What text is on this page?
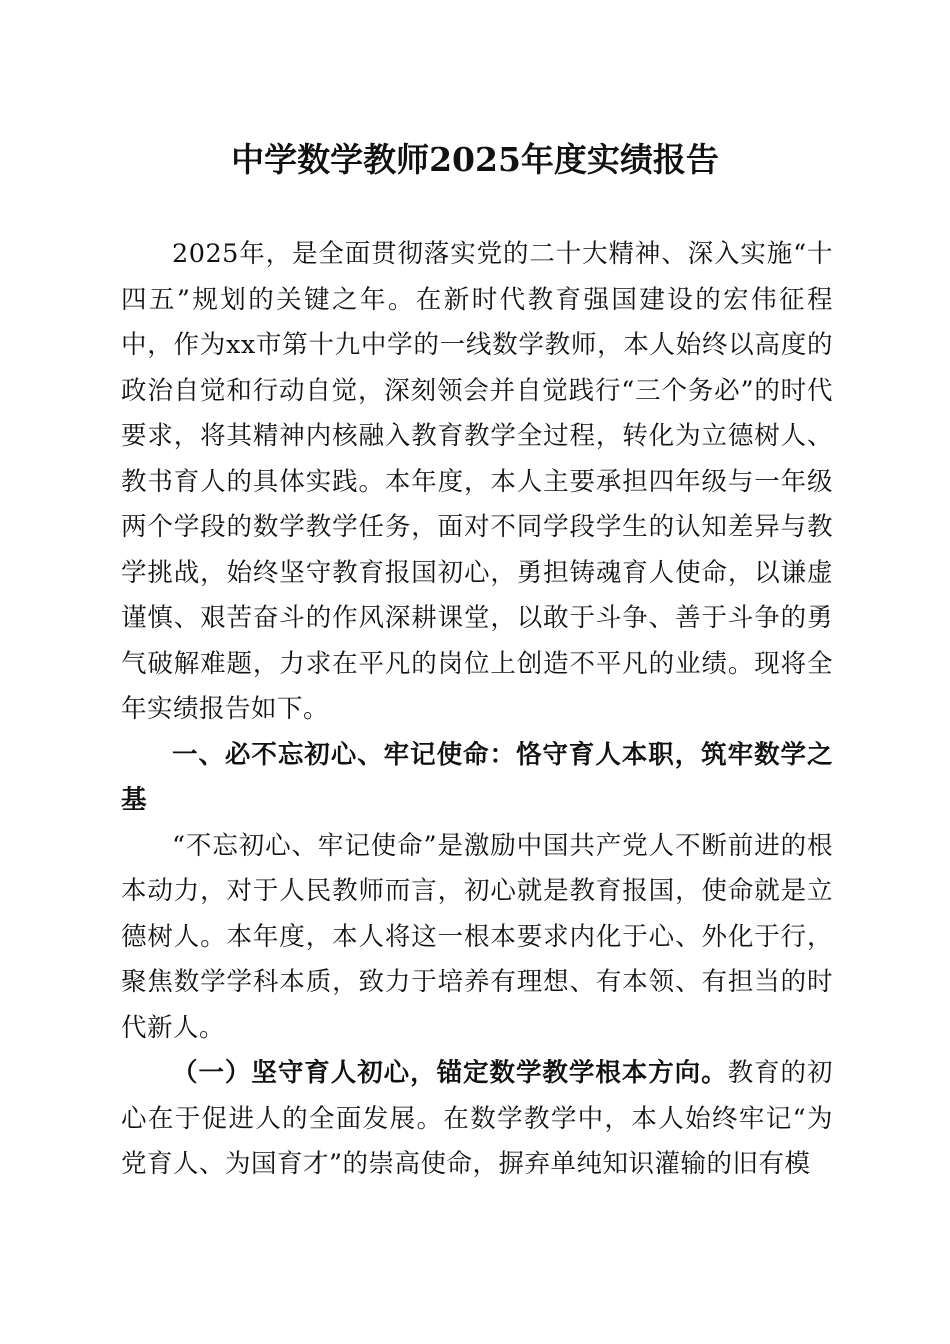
中学数学教师2025年度实绩报告

2025年，是全面贯彻落实党的二十大精神、深入实施“十四五”规划的关键之年。在新时代教育强国建设的宏伟征程中，作为xx市第十九中学的一线数学教师，本人始终以高度的政治自觉和行动自觉，深刻领会并自觉践行“三个务必”的时代要求，将其精神内核融入教育教学全过程，转化为立德树人、教书育人的具体实践。本年度，本人主要承担四年级与一年级两个学段的数学教学任务，面对不同学段学生的认知差异与教学挑战，始终坚守教育报国初心，勇担铸魂育人使命，以谦虚谨慎、艰苦奋斗的作风深耕课堂，以敢于斗争、善于斗争的勇气破解难题，力求在平凡的岗位上创造不平凡的业绩。现将全年实绩报告如下。

一、必不忘初心、牢记使命：恪守育人本职，筑牢数学之基

“不忘初心、牢记使命”是激励中国共产党人不断前进的根本动力，对于人民教师而言，初心就是教育报国，使命就是立德树人。本年度，本人将这一根本要求内化于心、外化于行，聚焦数学学科本质，致力于培养有理想、有本领、有担当的时代新人。

（一）坚守育人初心，锚定数学教学根本方向。教育的初心在于促进人的全面发展。在数学教学中，本人始终牢记“为党育人、为国育才”的崇高使命，摒弃单纯知识灌输的旧有模
